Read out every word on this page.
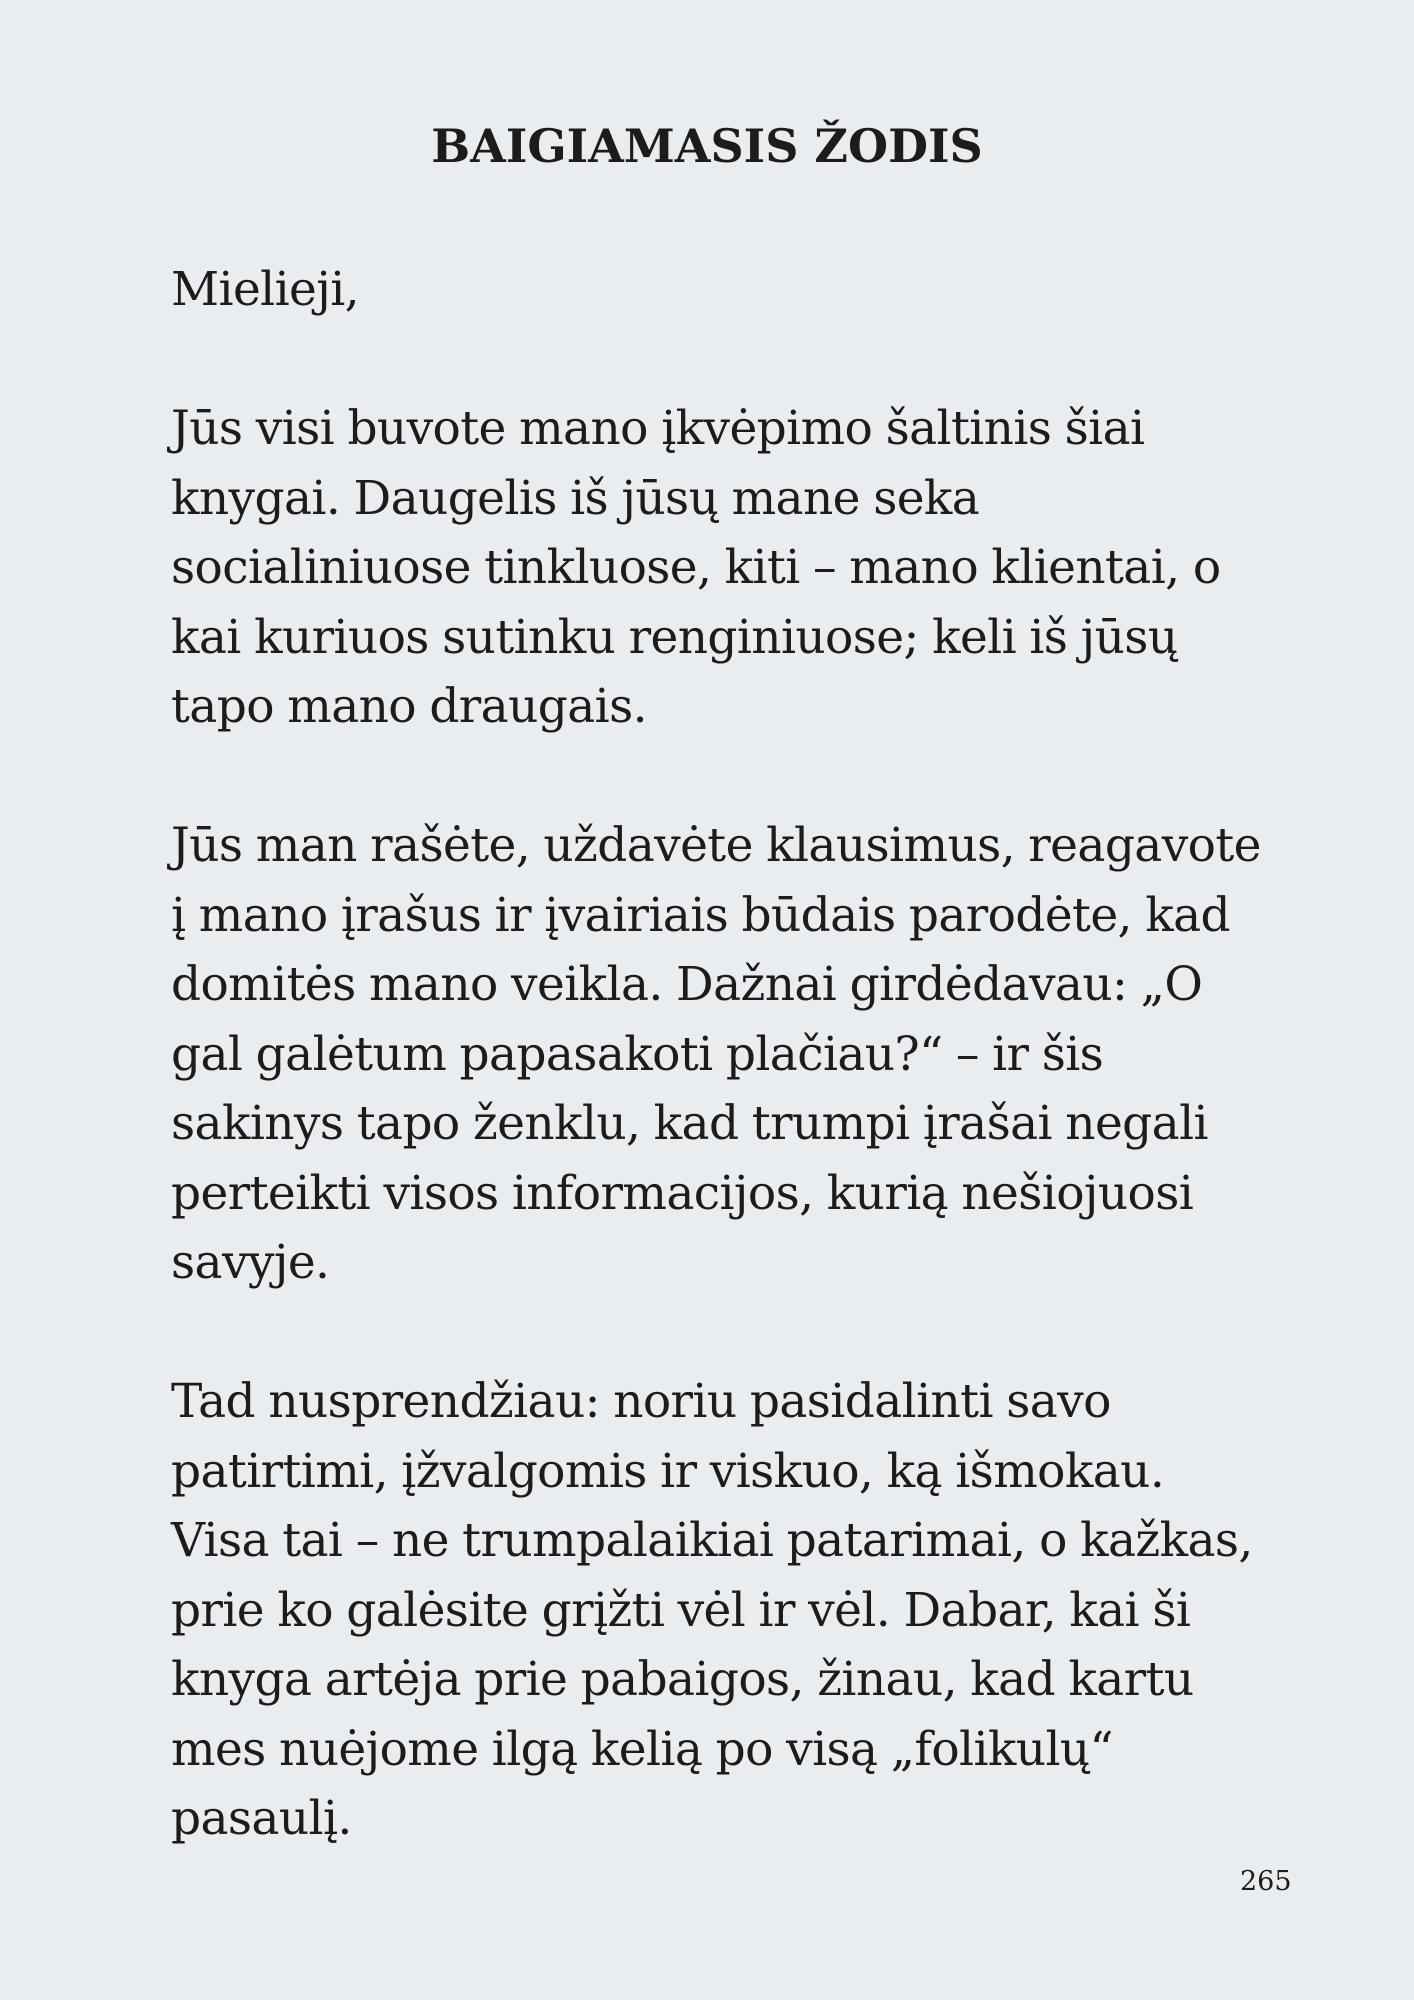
BAIGIAMASIS ŽODIS
Mielieji,
Jūs visi buvote mano įkvėpimo šaltinis šiai
knygai. Daugelis iš jūsų mane seka
socialiniuose tinkluose, kiti – mano klientai, o
kai kuriuos sutinku renginiuose; keli iš jūsų
tapo mano draugais.
Jūs man rašėte, uždavėte klausimus, reagavote
į mano įrašus ir įvairiais būdais parodėte, kad
domitės mano veikla. Dažnai girdėdavau: „O
gal galėtum papasakoti plačiau?“ – ir šis
sakinys tapo ženklu, kad trumpi įrašai negali
perteikti visos informacijos, kurią nešiojuosi
savyje.
Tad nusprendžiau: noriu pasidalinti savo
patirtimi, įžvalgomis ir viskuo, ką išmokau.
Visa tai – ne trumpalaikiai patarimai, o kažkas,
prie ko galėsite grįžti vėl ir vėl. Dabar, kai ši
knyga artėja prie pabaigos, žinau, kad kartu
mes nuėjome ilgą kelią po visą „folikulų“
pasaulį.
265
